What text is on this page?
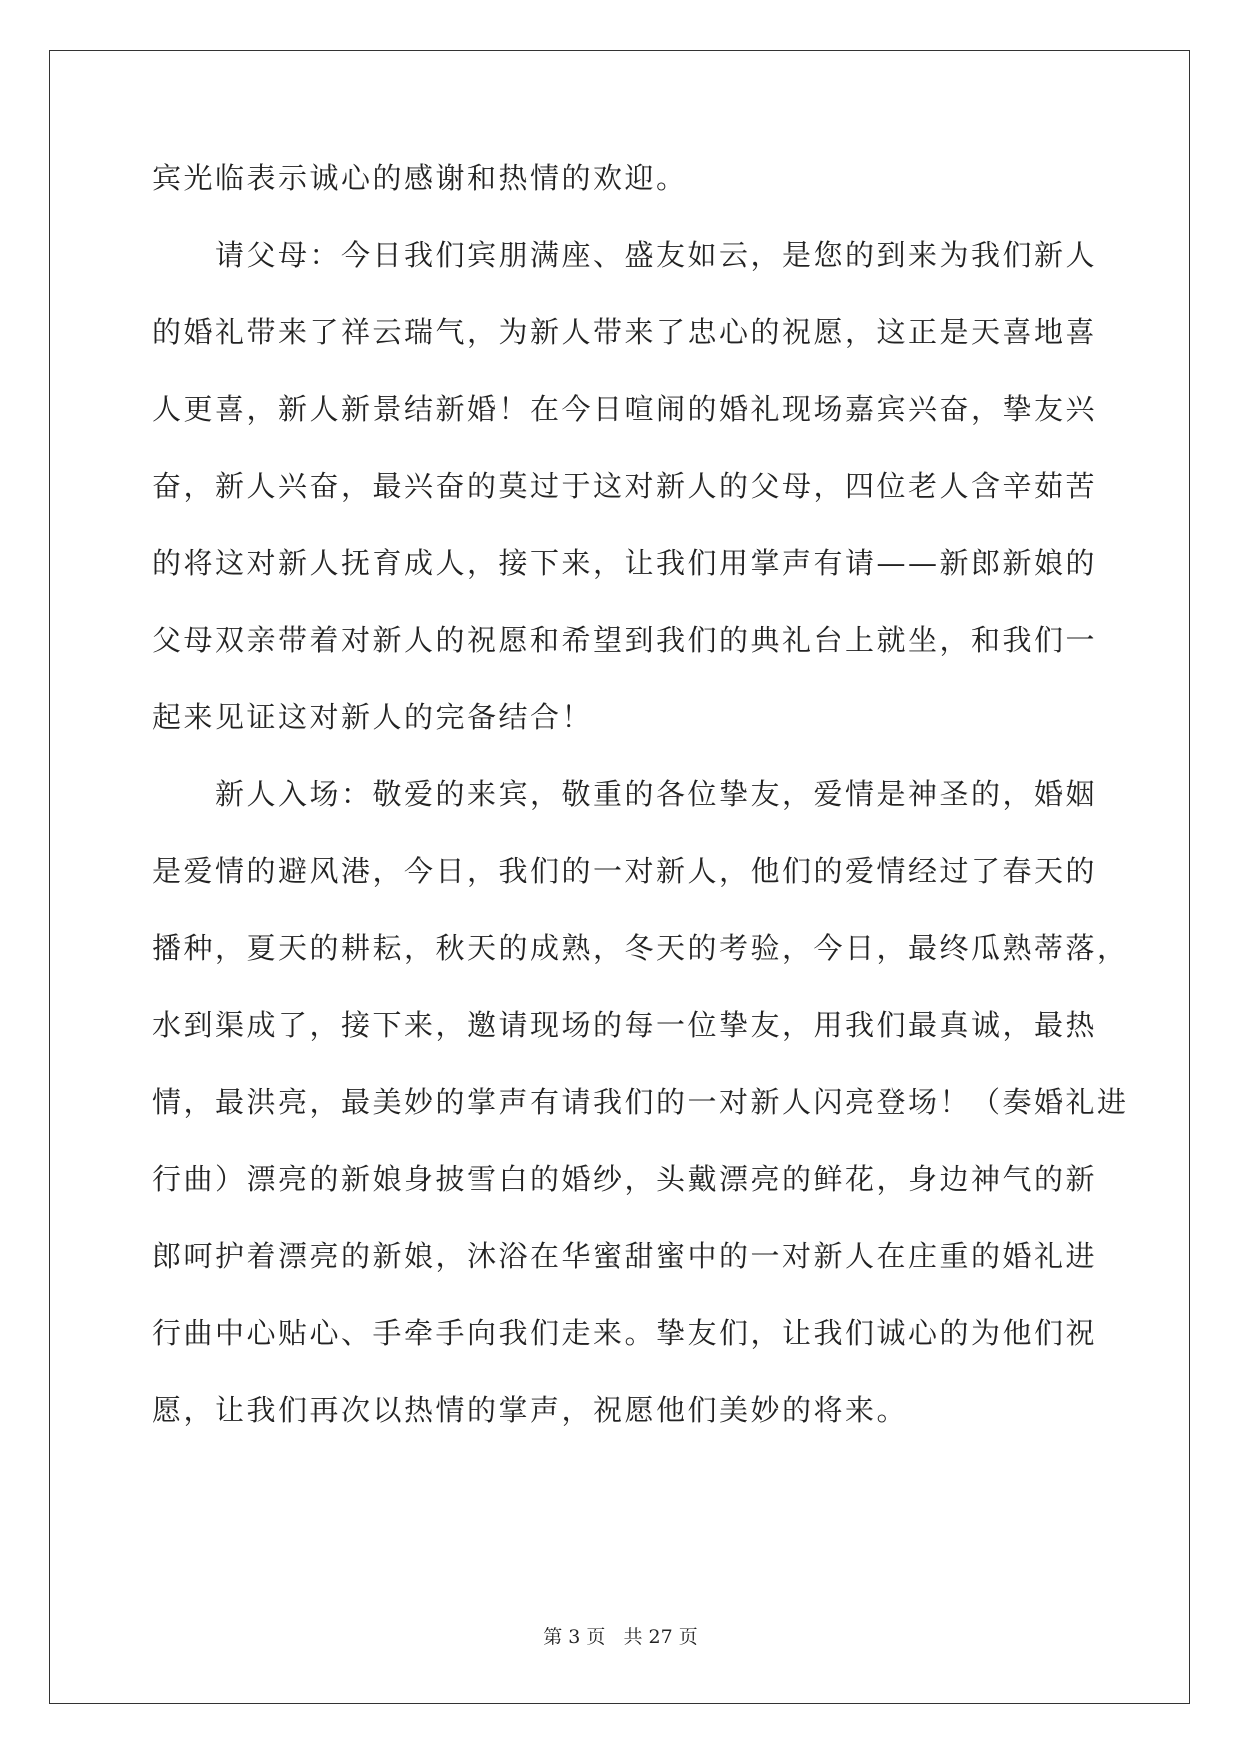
宾光临表示诚心的感谢和热情的欢迎。
　　请父母：今日我们宾朋满座、盛友如云，是您的到来为我们新人
的婚礼带来了祥云瑞气，为新人带来了忠心的祝愿，这正是天喜地喜
人更喜，新人新景结新婚！在今日喧闹的婚礼现场嘉宾兴奋，挚友兴
奋，新人兴奋，最兴奋的莫过于这对新人的父母，四位老人含辛茹苦
的将这对新人抚育成人，接下来，让我们用掌声有请——新郎新娘的
父母双亲带着对新人的祝愿和希望到我们的典礼台上就坐，和我们一
起来见证这对新人的完备结合！
　　新人入场：敬爱的来宾，敬重的各位挚友，爱情是神圣的，婚姻
是爱情的避风港，今日，我们的一对新人，他们的爱情经过了春天的
播种，夏天的耕耘，秋天的成熟，冬天的考验，今日，最终瓜熟蒂落，
水到渠成了，接下来，邀请现场的每一位挚友，用我们最真诚，最热
情，最洪亮，最美妙的掌声有请我们的一对新人闪亮登场！（奏婚礼进
行曲）漂亮的新娘身披雪白的婚纱，头戴漂亮的鲜花，身边神气的新
郎呵护着漂亮的新娘，沐浴在华蜜甜蜜中的一对新人在庄重的婚礼进
行曲中心贴心、手牵手向我们走来。挚友们，让我们诚心的为他们祝
愿，让我们再次以热情的掌声，祝愿他们美妙的将来。
第 3 页 共 27 页
